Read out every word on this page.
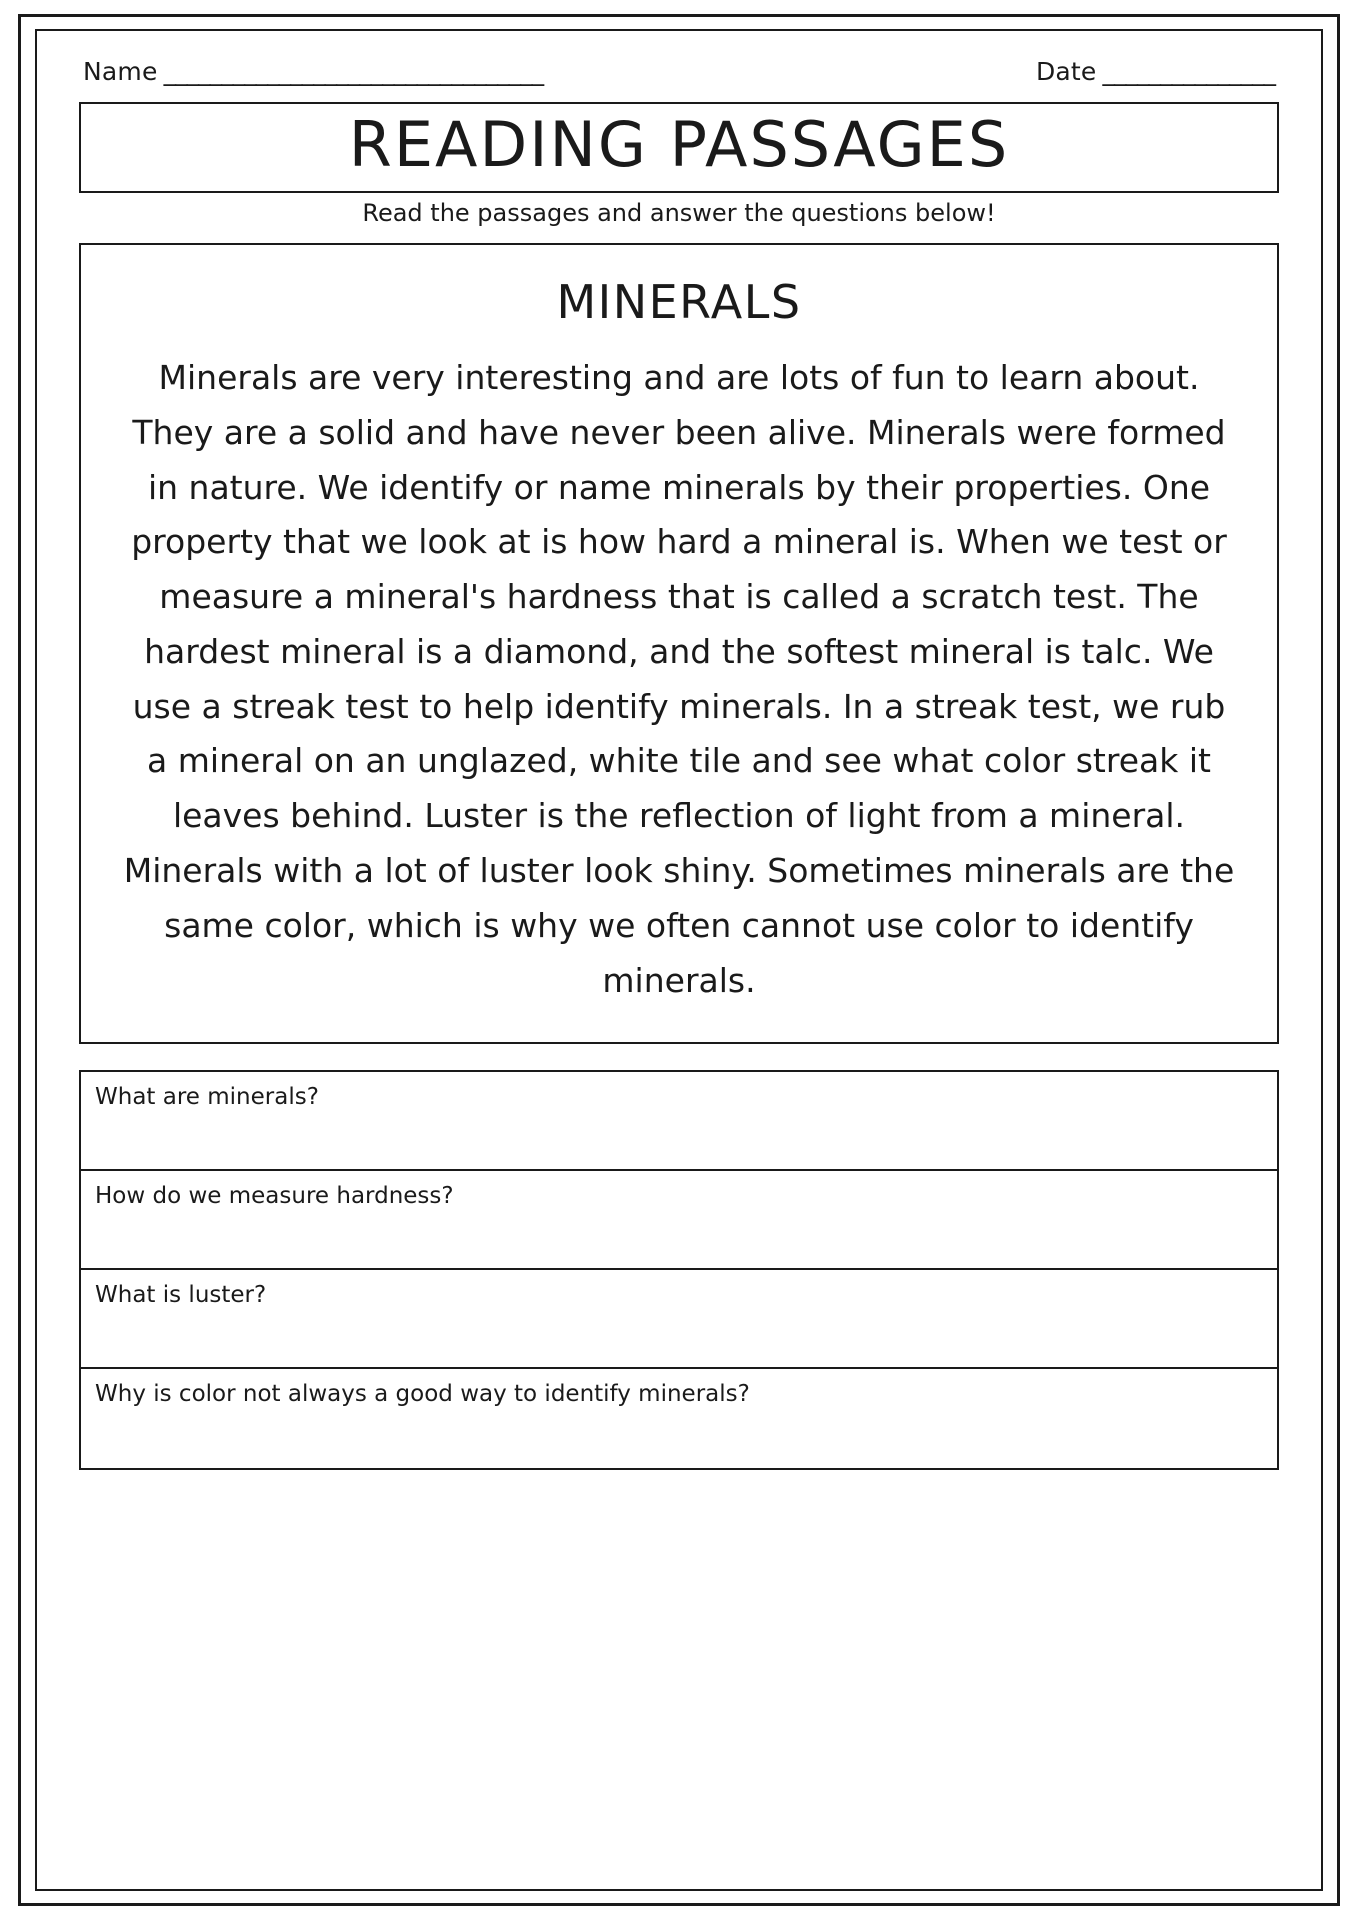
Name _________________________________	Date _______________
READING PASSAGES
Read the passages and answer the questions below!
MINERALS
Minerals are very interesting and are lots of fun to learn about. They are a solid and have never been alive. Minerals were formed in nature. We identify or name minerals by their properties. One property that we look at is how hard a mineral is. When we test or measure a mineral's hardness that is called a scratch test. The hardest mineral is a diamond, and the softest mineral is talc. We use a streak test to help identify minerals. In a streak test, we rub a mineral on an unglazed, white tile and see what color streak it leaves behind. Luster is the reflection of light from a mineral. Minerals with a lot of luster look shiny. Sometimes minerals are the same color, which is why we often cannot use color to identify minerals.
What are minerals?
How do we measure hardness?
What is luster?
Why is color not always a good way to identify minerals?
